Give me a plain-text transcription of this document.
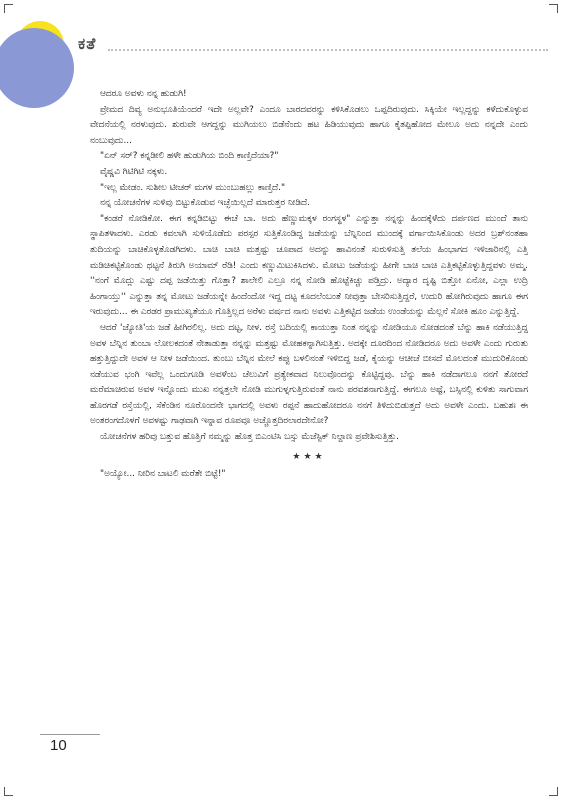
ಕತೆ

ಆದರೂ ಅವಳು ನನ್ನ ಹುಡುಗಿ!

ಪ್ರೇಮದ ದಿವ್ಯ ಅನುಭೂತಿಯೆಂದರೆ ಇದೇ ಅಲ್ಲವೇ? ಎಂದೂ ಬಾರದವರನ್ನು ಕಳಿಸಿಕೊಡಲು ಒಪ್ಪದಿರುವುದು. ಸಿಕ್ಕಿಯೇ ಇಲ್ಲದ್ದನ್ನು ಕಳೆದುಕೊಳ್ಳುವ ವೇದನೆಯಲ್ಲಿ ನರಳುವುದು. ಶುರುವೇ ಆಗದ್ದನ್ನು ಮುಗಿಯಲು ಬಿಡೆನೆಂದು ಹಟ ಹಿಡಿಯುವುದು ಹಾಗೂ ಕೈತಪ್ಪಿಹೋದ ಮೇಲೂ ಅದು ನನ್ನದೇ ಎಂದು ನಂಬುವುದು...

"ಏನ್ ಸರ್? ಕನ್ನಡೀಲಿ ಹಳೇ ಹುಡುಗಿಯ ಬಿಂದಿ ಕಾಣ್ತಿದೆಯಾ?"

ವೈಷ್ಣವಿ ಗಿಟಿಗಿಟಿ ನಕ್ಕಳು.

"ಇಲ್ಲ ಮೇಡಂ. ಸುಶೀಲ ಟೀಚರ್ ಮಗಳ ಮುಂಬುಹಲ್ಲು ಕಾಣ್ತಿದೆ."

ನನ್ನ ಯೋಚನೆಗಳ ಸುಳಿವು ಬಿಟ್ಟುಕೊಡುವ ಇಚ್ಛೆಯಿಲ್ಲದೆ ಮಾರುತ್ತರ ನೀಡಿದೆ.

"ಕಂಡರೆ ನೋಡಿಕೋ. ಈಗ ಕನ್ನಡಿಬಿಟ್ಟು ಈಚೆ ಬಾ. ಅದು ಹೆಣ್ಣುಮಕ್ಕಳ ರಂಗಸ್ಥಳ" ಎನ್ನುತ್ತಾ ನನ್ನನ್ನು ಹಿಂದಕ್ಕೆಳೆದು ದರ್ಪಣದ ಮುಂದೆ ತಾನು ಸ್ಥಾಪಿತಳಾದಳು. ಎರಡು ಕವಲಾಗಿ ಸುಳಿಯೊಡೆದು ಪರಸ್ಪರ ಸುತ್ತಿಕೊಂಡಿದ್ದ ಜಡೆಯನ್ನು ಬೆನ್ನಿನಿಂದ ಮುಂದಕ್ಕೆ ವರ್ಗಾಯಿಸಿಕೊಂಡು ಅದರ ಬ್ರಶ್‌ನಂತಹಾ ತುದಿಯನ್ನು ಬಾಚಿಕೊಳ್ಳತೊಡಗಿದಳು. ಬಾಚಿ ಬಾಚಿ ಮತ್ತಷ್ಟು ಚೂಪಾದ ಅದನ್ನು ಹಾವಿನಂತೆ ಸುರುಳಿಸುತ್ತಿ ತಲೆಯ ಹಿಂಭಾಗದ ಇಳಿಜಾರಿನಲ್ಲಿ ಎತ್ತಿ ಮಡಿಚಿಕಟ್ಟಿಕೊಂಡು ಥಟ್ಟನೆ ತಿರುಗಿ ಅಯಾಮ್ ರೆಡಿ! ಎಂದು ಕಣ್ಣುಮಿಟುಕಿಸಿದಳು. ಮೋಟು ಜಡೆಯನ್ನು ಹೀಗೇ ಬಾಚಿ ಬಾಚಿ ಎತ್ತಿಕಟ್ಟಿಕೊಳ್ಳುತ್ತಿದ್ದವಳು ಅಮ್ಮ. ''ನಂಗೆ ಮೊದ್ಲು ಎಷ್ಟು ದಪ್ಪ ಜಡೆಯಿತ್ತು ಗೊತ್ತಾ? ಶಾಲೇಲಿ ಎಲ್ರೂ ನನ್ನ ನೋಡಿ ಹೊಟ್ಟೆಕಿಚ್ಚು ಪಡ್ತಿದ್ರು. ಅದ್ಯಾರ ದೃಷ್ಟಿ ಬಿತ್ತೋ ಏನೋ, ಎಲ್ಲಾ ಉದ್ರಿ ಹಿಂಗಾಯ್ತು'' ಎನ್ನುತ್ತಾ ತನ್ನ ಮೋಟು ಜಡೆಯನ್ನೇ ಹಿಂದೆಂದೋ ಇದ್ದ ದಟ್ಟ ಕೂದಲೆಂಬಂತೆ ನೀವುತ್ತಾ ಬೇಸರಿಸುತ್ತಿದ್ದರೆ, ಉದುರಿ ಹೋಗಿರುವುದು ಹಾಗೂ ಈಗ ಇರುವುದು... ಈ ಎರಡರ ಪ್ರಾಮುಖ್ಯತೆಯೂ ಗೊತ್ತಿಲ್ಲದ ಅರೆಳು ವರ್ಷದ ನಾನು ಅವಳು ಎತ್ತಿಕಟ್ಟಿದ ಜಡೆಯ ಉಂಡೆಯನ್ನು ಮೆಲ್ಲನೆ ಸೋಕಿ ಹೂಂ ಎನ್ನುತ್ತಿದ್ದೆ.

ಆದರೆ 'ಜ್ಯೋತಿ'ಯ ಜಡೆ ಹೀಗಿರಲಿಲ್ಲ. ಅದು ದಟ್ಟ, ನೀಳ. ರಸ್ತೆ ಬದಿಯಲ್ಲಿ ಕಾಯುತ್ತಾ ನಿಂತ ನನ್ನನ್ನು ನೋಡಿಯೂ ನೋಡದಂತೆ ಬೆನ್ನು ಹಾಕಿ ನಡೆಯುತ್ತಿದ್ದ ಅವಳ ಬೆನ್ನಿನ ತುಂಬಾ ಲೋಲಕದಂತೆ ನೇತಾಡುತ್ತಾ ನನ್ನನ್ನು ಮತ್ತಷ್ಟು ಮೋಹಕನ್ನಾಗಿಸುತ್ತಿತ್ತು. ಅದಕ್ಕೇ ದೂರದಿಂದ ನೋಡಿದರೂ ಅದು ಅವಳೇ ಎಂದು ಗುರುತು ಹತ್ತುತ್ತಿದ್ದುದೇ ಅವಳ ಆ ನೀಳ ಜಡೆಯಿಂದ. ತುಂಬು ಬೆನ್ನಿನ ಮೇಲೆ ಕಪ್ಪು ಬಳಲಿನಂತೆ ಇಳಿಬಿದ್ದ ಜಡೆ, ಕೈಯನ್ನು ಆಚೀಚೆ ಬೀಸದೆ ಮೊಲದಂತೆ ಮುದುರಿಕೊಂಡು ನಡೆಯುವ ಭಂಗಿ ಇವೆಲ್ಲ ಒಂದುಗೂಡಿ ಅವಳೆಂಬ ಚೆಲುವಿಗೆ ಪ್ರತ್ಯೇಕವಾದ ನಿಲುವೊಂದನ್ನು ಕೊಟ್ಟಿದ್ದವು. ಬೆನ್ನು ಹಾಕಿ ನಡೆದಾಗಲೂ ನನಗೆ ತೋರದೆ ಮರೆಮಾಚಿರುವ ಅವಳ ಇನ್ನೊಂದು ಮುಖ ನನ್ನತ್ತಲೇ ನೋಡಿ ಮುಗುಳ್ನಗುತ್ತಿರುವಂತೆ ನಾನು ಪರವಶನಾಗುತ್ತಿದ್ದೆ. ಈಗಲೂ ಅಷ್ಟೆ, ಬಸ್ಸಿನಲ್ಲಿ ಕುಳಿತು ಸಾಗುವಾಗ ಹೊರಗಡೆ ರಸ್ತೆಯಲ್ಲಿ, ಸೆಕೆಂಡಿನ ನೂರೊಂದನೇ ಭಾಗದಲ್ಲಿ ಅವಳು ರಪ್ಪನೆ ಹಾದುಹೋದರೂ ನನಗೆ ತಿಳಿದುಬಿಡುತ್ತದೆ ಅದು ಅವಳೇ ಎಂದು. ಬಹುಶಃ ಈ ಅಂತರಂಗದೊಳಗೆ ಅವಳಷ್ಟು ಗಾಢವಾಗಿ ಇನ್ನಾವ ರೂಪವೂ ಅಚ್ಚೊತ್ತದಿರಲಾರದೇನೋ?

ಯೋಚನೆಗಳ ಹರಿವು ಬತ್ತುವ ಹೊತ್ತಿಗೆ ನಮ್ಮನ್ನು ಹೊತ್ತ ಬಿಎಂಟಿಸಿ ಬಸ್ಸು ಮೆಜೆಸ್ಟಿಕ್ ನಿಲ್ದಾಣ ಪ್ರವೇಶಿಸುತ್ತಿತ್ತು.

★★★

"ಅಯ್ಯೋ... ನೀರಿನ ಬಾಟಲಿ ಮರೆತೇ ಬಿಟ್ಟೆ!"

10
